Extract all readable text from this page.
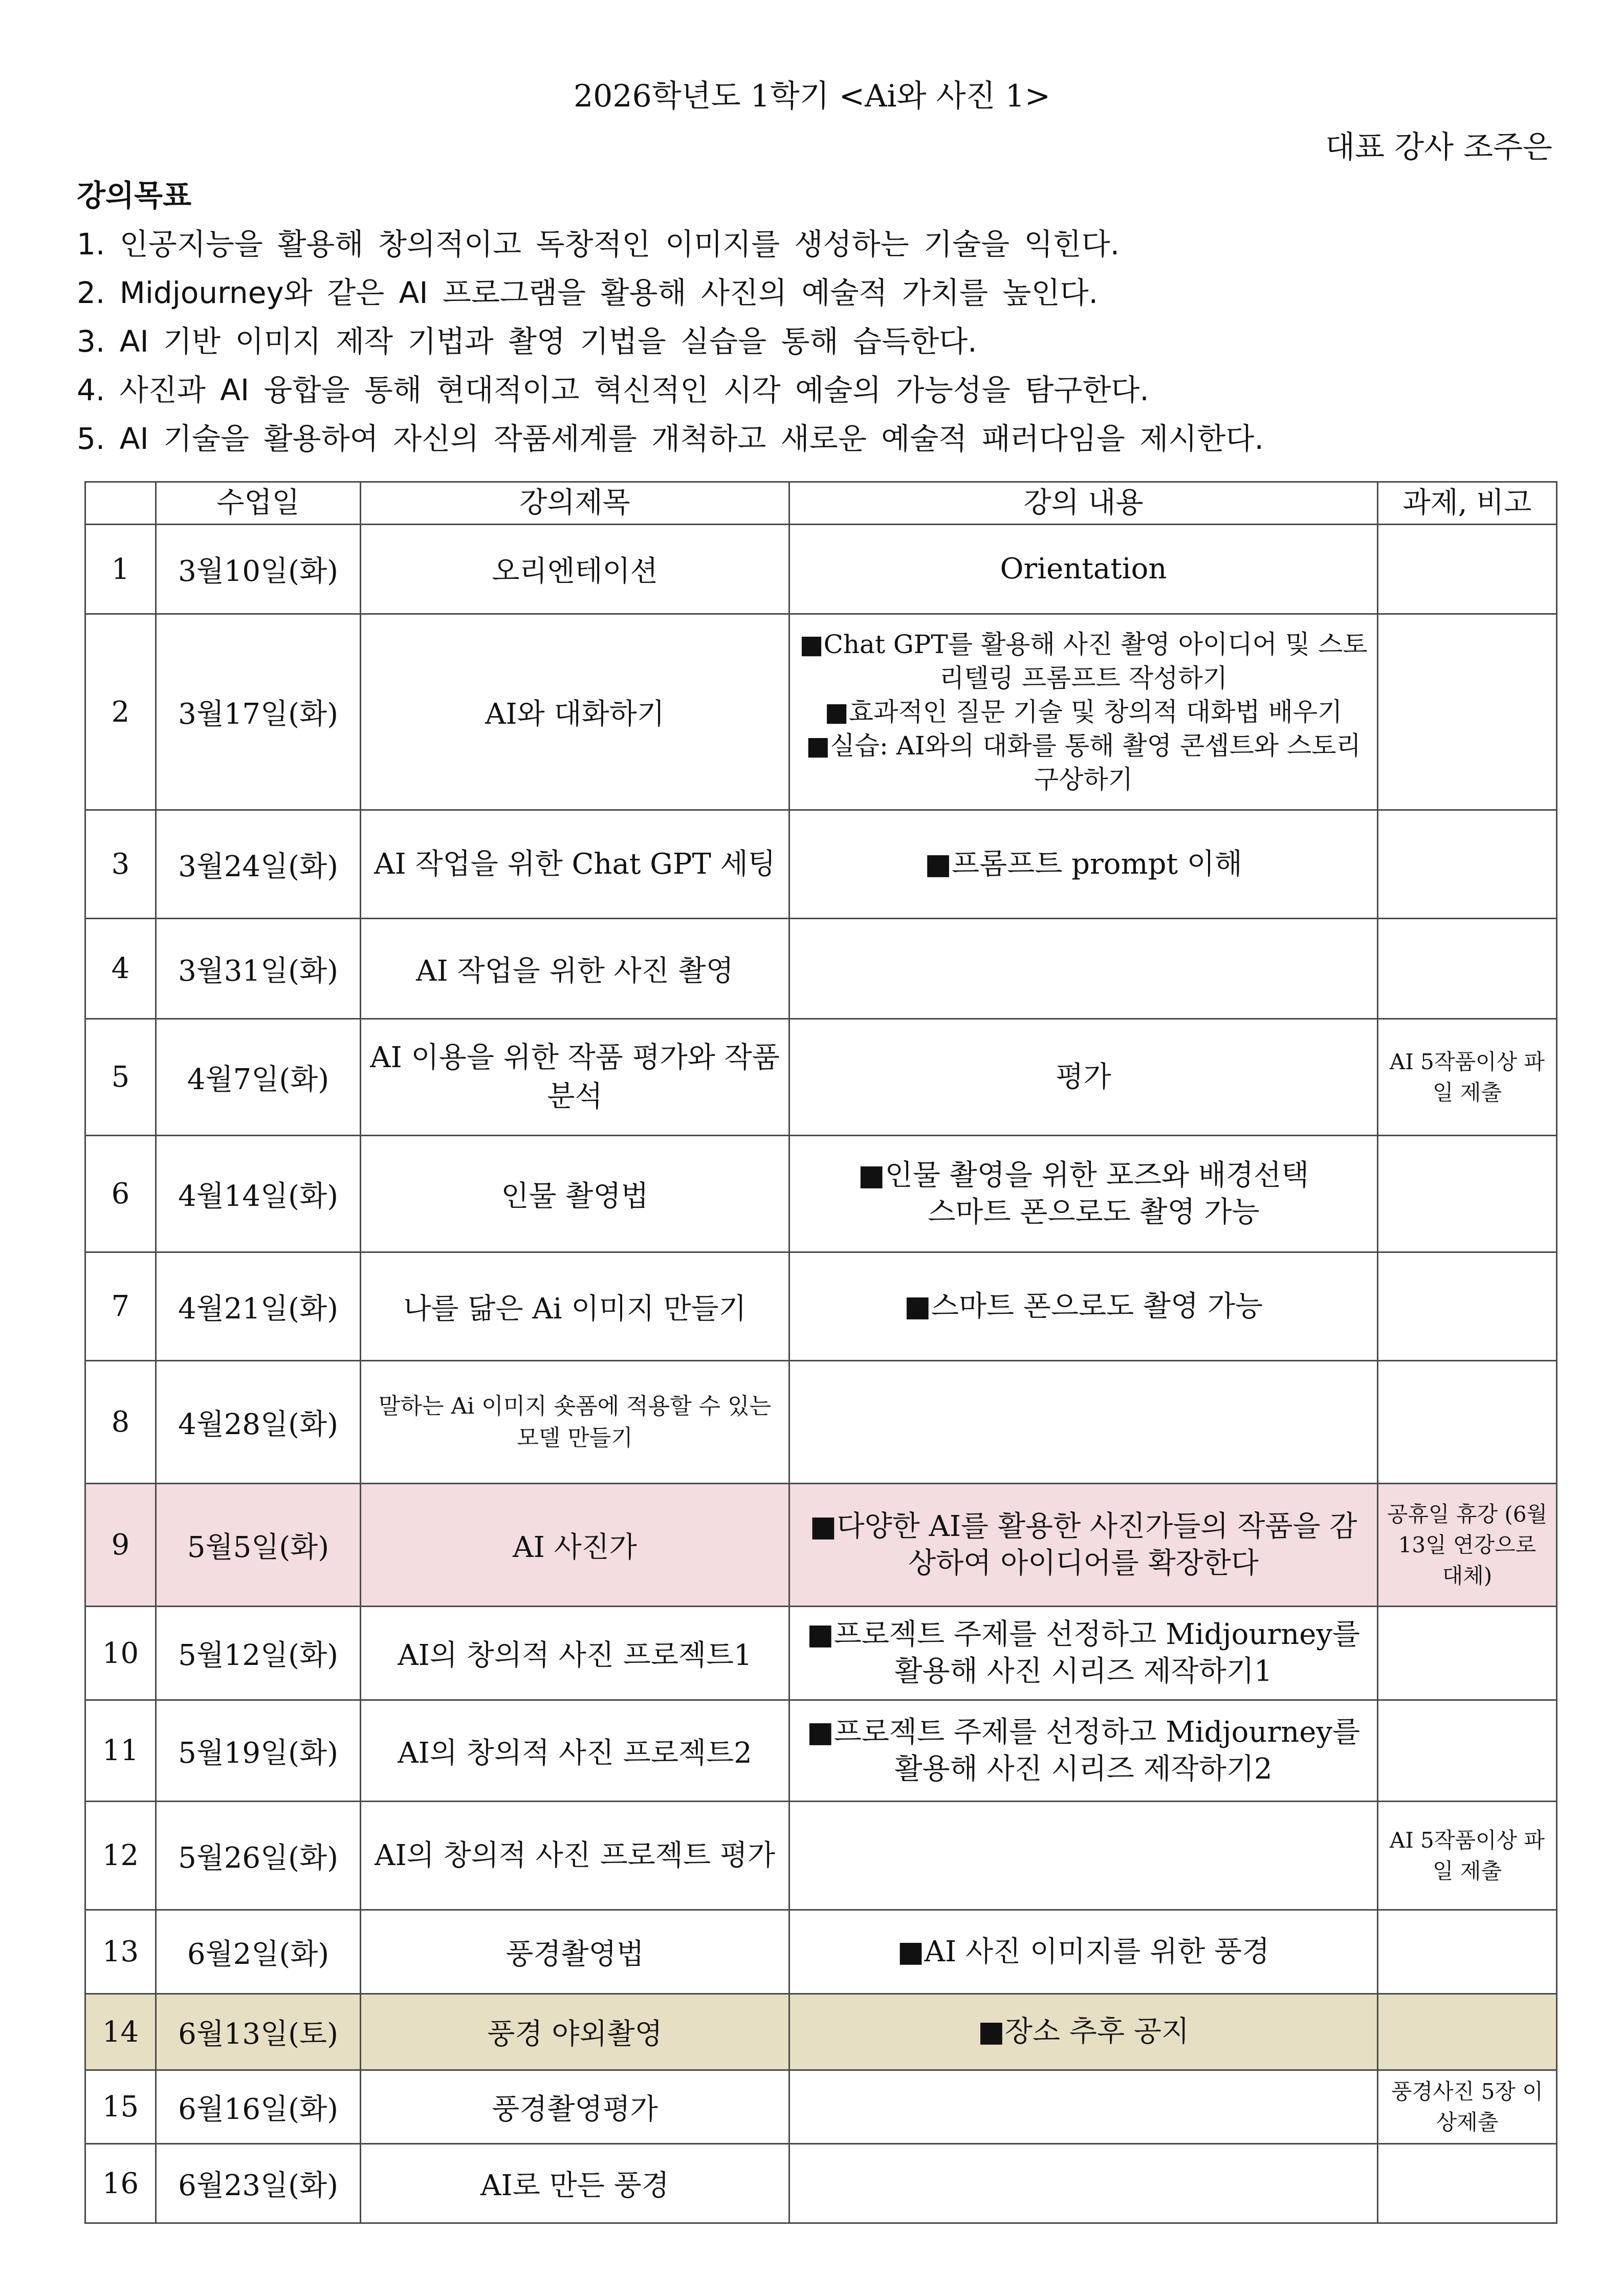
2026학년도 1학기 <Ai와 사진 1>
대표 강사 조주은
강의목표
1. 인공지능을 활용해 창의적이고 독창적인 이미지를 생성하는 기술을 익힌다.
2. Midjourney와 같은 AI 프로그램을 활용해 사진의 예술적 가치를 높인다.
3. AI 기반 이미지 제작 기법과 촬영 기법을 실습을 통해 습득한다.
4. 사진과 AI 융합을 통해 현대적이고 혁신적인 시각 예술의 가능성을 탐구한다.
5. AI 기술을 활용하여 자신의 작품세계를 개척하고 새로운 예술적 패러다임을 제시한다.
	수업일	강의제목	강의 내용	과제, 비고
1	3월10일(화)	오리엔테이션	Orientation	
2	3월17일(화)	AI와 대화하기	■Chat GPT를 활용해 사진 촬영 아이디어 및 스토리텔링 프롬프트 작성하기
■효과적인 질문 기술 및 창의적 대화법 배우기
■실습: AI와의 대화를 통해 촬영 콘셉트와 스토리 구상하기	

3	3월24일(화)	AI 작업을 위한 Chat GPT 세팅	■프롬프트 prompt 이해	
4	3월31일(화)	AI 작업을 위한 사진 촬영		
5	4월7일(화)	AI 이용을 위한 작품 평가와 작품 분석	평가	AI 5작품이상 파일 제출
6	4월14일(화)	인물 촬영법	■인물 촬영을 위한 포즈와 배경선택
스마트 폰으로도 촬영 가능	

7	4월21일(화)	나를 닮은 Ai 이미지 만들기	■스마트 폰으로도 촬영 가능	
8	4월28일(화)	말하는 Ai 이미지 숏폼에 적용할 수 있는 모델 만들기		
9	5월5일(화)	AI 사진가	■다양한 AI를 활용한 사진가들의 작품을 감상하여 아이디어를 확장한다	공휴일 휴강 (6월13일 연강으로 대체)
10	5월12일(화)	AI의 창의적 사진 프로젝트1	■프로젝트 주제를 선정하고 Midjourney를 활용해 사진 시리즈 제작하기1	
11	5월19일(화)	AI의 창의적 사진 프로젝트2	■프로젝트 주제를 선정하고 Midjourney를 활용해 사진 시리즈 제작하기2	
12	5월26일(화)	AI의 창의적 사진 프로젝트 평가		AI 5작품이상 파일 제출
13	6월2일(화)	풍경촬영법	■AI 사진 이미지를 위한 풍경	
14	6월13일(토)	풍경 야외촬영	■장소 추후 공지	
15	6월16일(화)	풍경촬영평가		풍경사진 5장 이상제출
16	6월23일(화)	AI로 만든 풍경		
